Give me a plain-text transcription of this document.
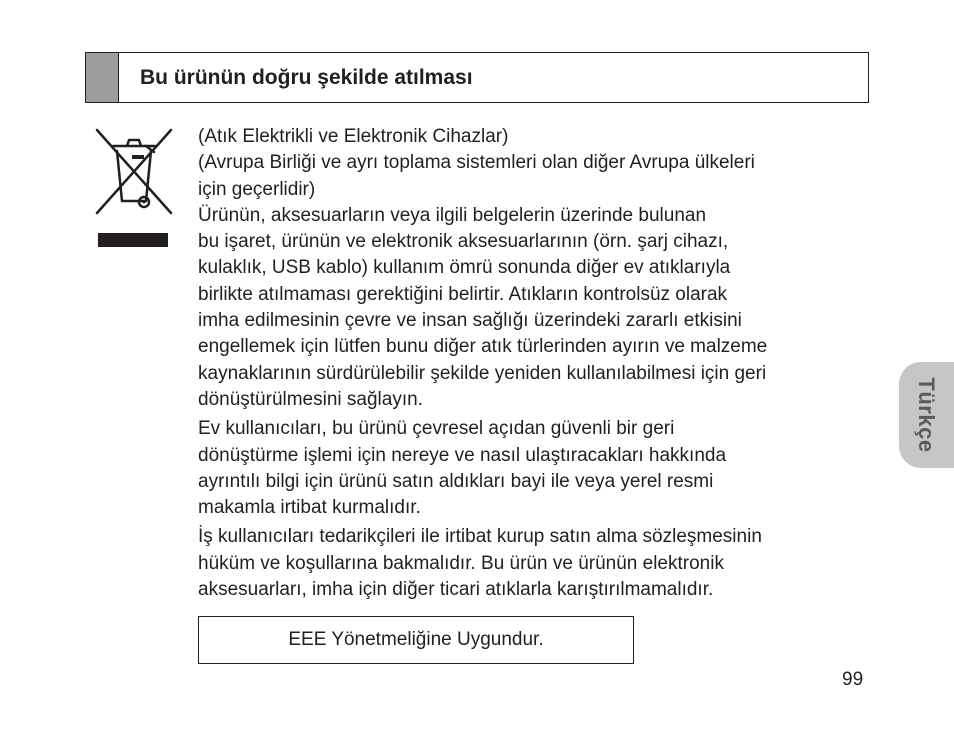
Bu ürünün doğru şekilde atılması

(Atık Elektrikli ve Elektronik Cihazlar)
(Avrupa Birliği ve ayrı toplama sistemleri olan diğer Avrupa ülkeleri
için geçerlidir)

Ürünün, aksesuarların veya ilgili belgelerin üzerinde bulunan
bu işaret, ürünün ve elektronik aksesuarlarının (örn. şarj cihazı,
kulaklık, USB kablo) kullanım ömrü sonunda diğer ev atıklarıyla
birlikte atılmaması gerektiğini belirtir. Atıkların kontrolsüz olarak
imha edilmesinin çevre ve insan sağlığı üzerindeki zararlı etkisini
engellemek için lütfen bunu diğer atık türlerinden ayırın ve malzeme
kaynaklarının sürdürülebilir şekilde yeniden kullanılabilmesi için geri
dönüştürülmesini sağlayın.

Ev kullanıcıları, bu ürünü çevresel açıdan güvenli bir geri
dönüştürme işlemi için nereye ve nasıl ulaştıracakları hakkında
ayrıntılı bilgi için ürünü satın aldıkları bayi ile veya yerel resmi
makamla irtibat kurmalıdır.

İş kullanıcıları tedarikçileri ile irtibat kurup satın alma sözleşmesinin
hüküm ve koşullarına bakmalıdır. Bu ürün ve ürünün elektronik
aksesuarları, imha için diğer ticari atıklarla karıştırılmamalıdır.

EEE Yönetmeliğine Uygundur.
Türkçe
99
